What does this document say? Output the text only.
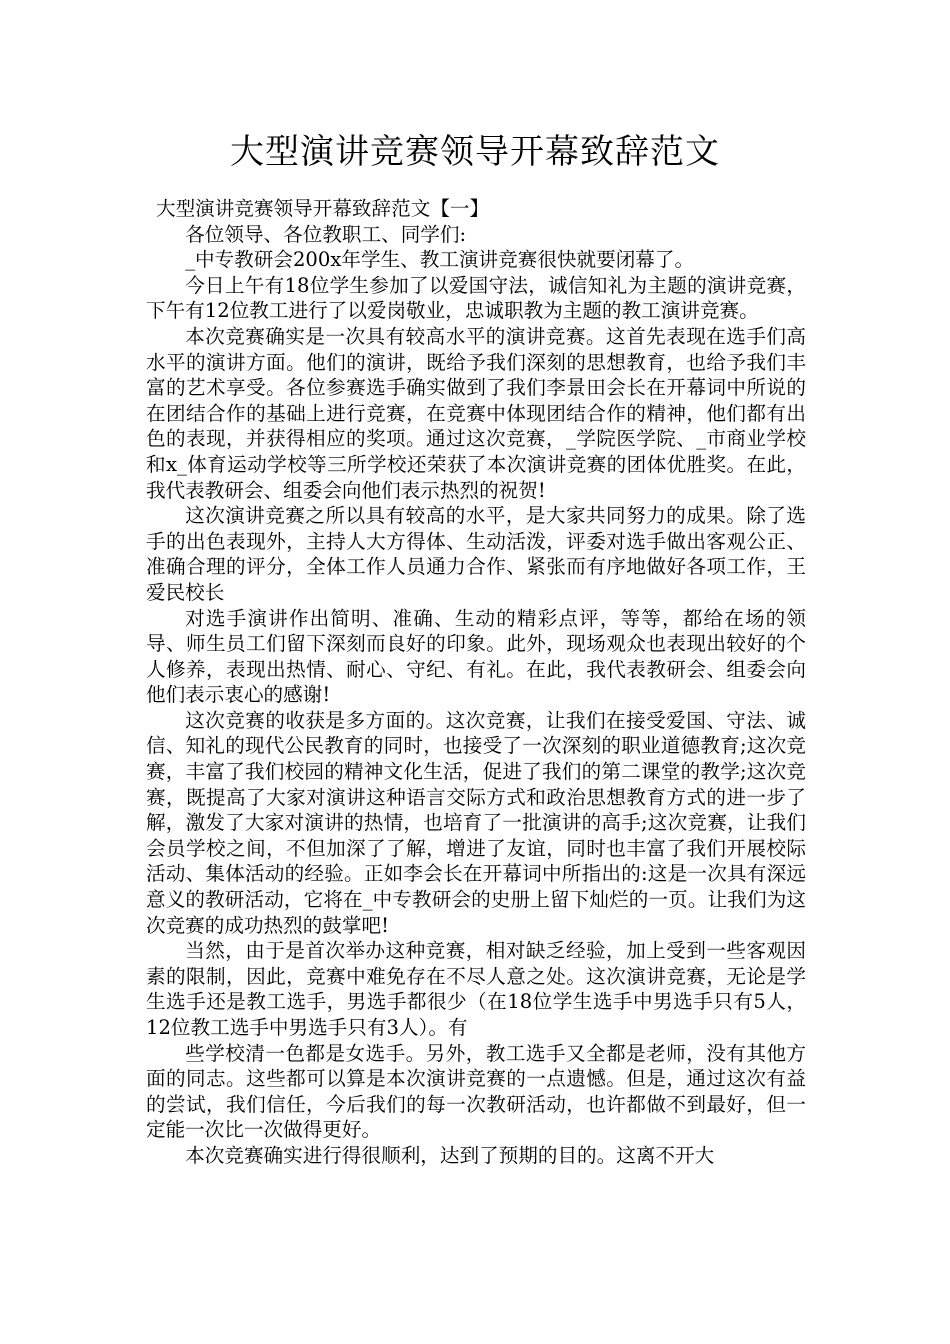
大型演讲竞赛领导开幕致辞范文

大型演讲竞赛领导开幕致辞范文【一】

各位领导、各位教职工、同学们:

_中专教研会200x年学生、教工演讲竞赛很快就要闭幕了。

今日上午有18位学生参加了以爱国守法，诚信知礼为主题的演讲竞赛，下午有12位教工进行了以爱岗敬业，忠诚职教为主题的教工演讲竞赛。

本次竞赛确实是一次具有较高水平的演讲竞赛。这首先表现在选手们高水平的演讲方面。他们的演讲，既给予我们深刻的思想教育，也给予我们丰富的艺术享受。各位参赛选手确实做到了我们李景田会长在开幕词中所说的在团结合作的基础上进行竞赛，在竞赛中体现团结合作的精神，他们都有出色的表现，并获得相应的奖项。通过这次竞赛，_学院医学院、_市商业学校和x_体育运动学校等三所学校还荣获了本次演讲竞赛的团体优胜奖。在此，我代表教研会、组委会向他们表示热烈的祝贺!

这次演讲竞赛之所以具有较高的水平，是大家共同努力的成果。除了选手的出色表现外，主持人大方得体、生动活泼，评委对选手做出客观公正、准确合理的评分，全体工作人员通力合作、紧张而有序地做好各项工作，王爱民校长

对选手演讲作出简明、准确、生动的精彩点评，等等，都给在场的领导、师生员工们留下深刻而良好的印象。此外，现场观众也表现出较好的个人修养，表现出热情、耐心、守纪、有礼。在此，我代表教研会、组委会向他们表示衷心的感谢!

这次竞赛的收获是多方面的。这次竞赛，让我们在接受爱国、守法、诚信、知礼的现代公民教育的同时，也接受了一次深刻的职业道德教育;这次竞赛，丰富了我们校园的精神文化生活，促进了我们的第二课堂的教学;这次竞赛，既提高了大家对演讲这种语言交际方式和政治思想教育方式的进一步了解，激发了大家对演讲的热情，也培育了一批演讲的高手;这次竞赛，让我们会员学校之间，不但加深了了解，增进了友谊，同时也丰富了我们开展校际活动、集体活动的经验。正如李会长在开幕词中所指出的:这是一次具有深远意义的教研活动，它将在_中专教研会的史册上留下灿烂的一页。让我们为这次竞赛的成功热烈的鼓掌吧!

当然，由于是首次举办这种竞赛，相对缺乏经验，加上受到一些客观因素的限制，因此，竞赛中难免存在不尽人意之处。这次演讲竞赛，无论是学生选手还是教工选手，男选手都很少（在18位学生选手中男选手只有5人，12位教工选手中男选手只有3人）。有

些学校清一色都是女选手。另外，教工选手又全都是老师，没有其他方面的同志。这些都可以算是本次演讲竞赛的一点遗憾。但是，通过这次有益的尝试，我们信任，今后我们的每一次教研活动，也许都做不到最好，但一定能一次比一次做得更好。

本次竞赛确实进行得很顺利，达到了预期的目的。这离不开大
